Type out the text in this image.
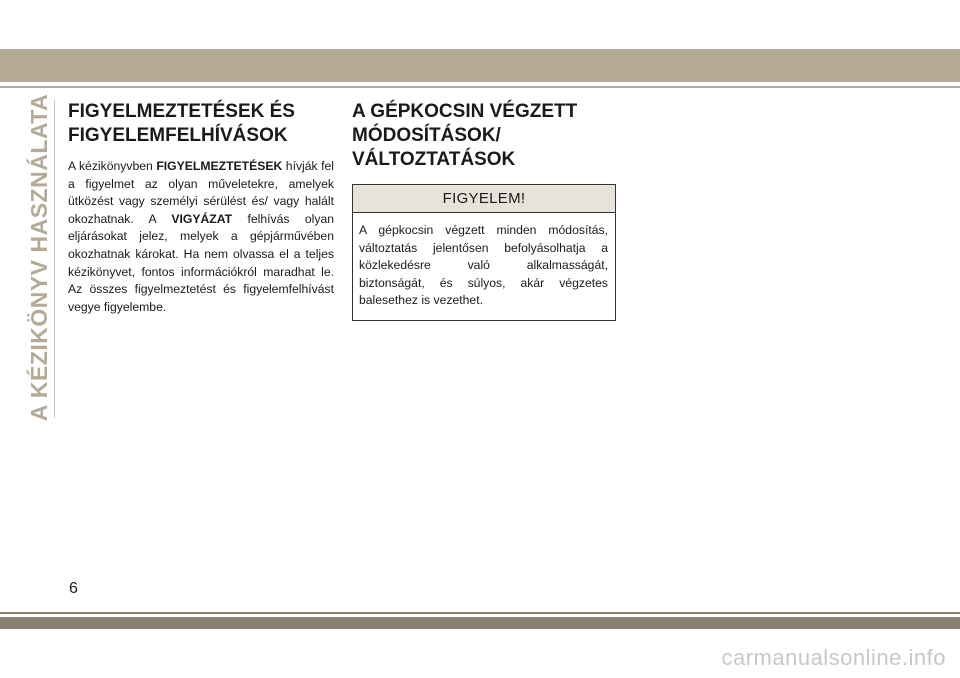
A KÉZIKÖNYV HASZNÁLATA FIGYELMEZTETÉSEK ÉS
FIGYELEMFELHÍVÁSOK

A kézikönyvben FIGYELMEZTETÉSEK hívják fel a figyelmet az olyan műveletekre, amelyek ütközést vagy személyi sérülést és/ vagy halált okozhatnak. A VIGYÁZAT felhívás olyan eljárásokat jelez, melyek a gépjárművében okozhatnak károkat. Ha nem olvassa el a teljes kézikönyvet, fontos információkról maradhat le. Az összes figyelmeztetést és figyelemfelhívást vegye figyelembe.

A GÉPKOCSIN VÉGZETT
MÓDOSÍTÁSOK/
VÁLTOZTATÁSOK
FIGYELEM!
A gépkocsin végzett minden módosítás, változtatás jelentősen befolyásolhatja a közlekedésre való alkalmasságát, biztonságát, és súlyos, akár végzetes balesethez is vezethet.
6
carmanualsonline.info
